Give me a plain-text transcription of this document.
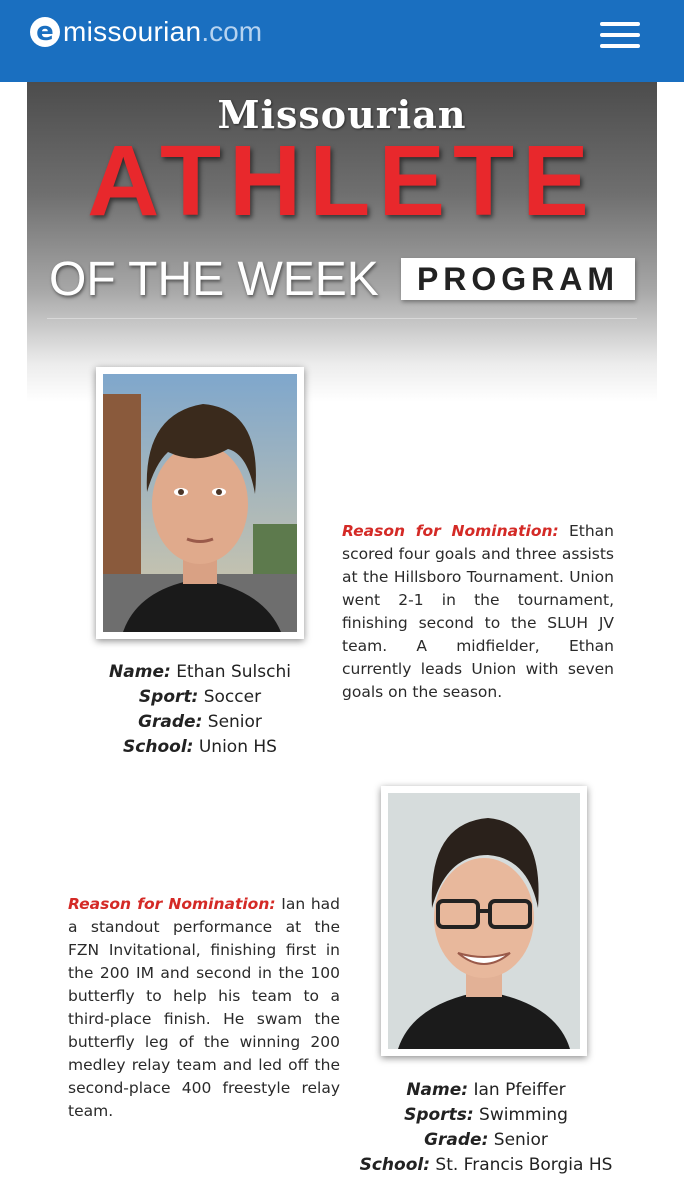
e missourian .com
Missourian
ATHLETE
OF THE WEEK	PROGRAM
Name: Ethan Sulschi
Sport: Soccer
Grade: Senior
School: Union HS
Reason for Nomination: Ethan scored four goals and three assists at the Hillsboro Tournament. Union went 2-1 in the tournament, finishing second to the SLUH JV team. A midfielder, Ethan currently leads Union with seven goals on the season.
Reason for Nomination: Ian had a standout performance at the FZN Invitational, finishing first in the 200 IM and second in the 100 butterfly to help his team to a third-place finish. He swam the butterfly leg of the winning 200 medley relay team and led off the second-place 400 freestyle relay team.
Name: Ian Pfeiffer
Sports: Swimming
Grade: Senior
School: St. Francis Borgia HS
